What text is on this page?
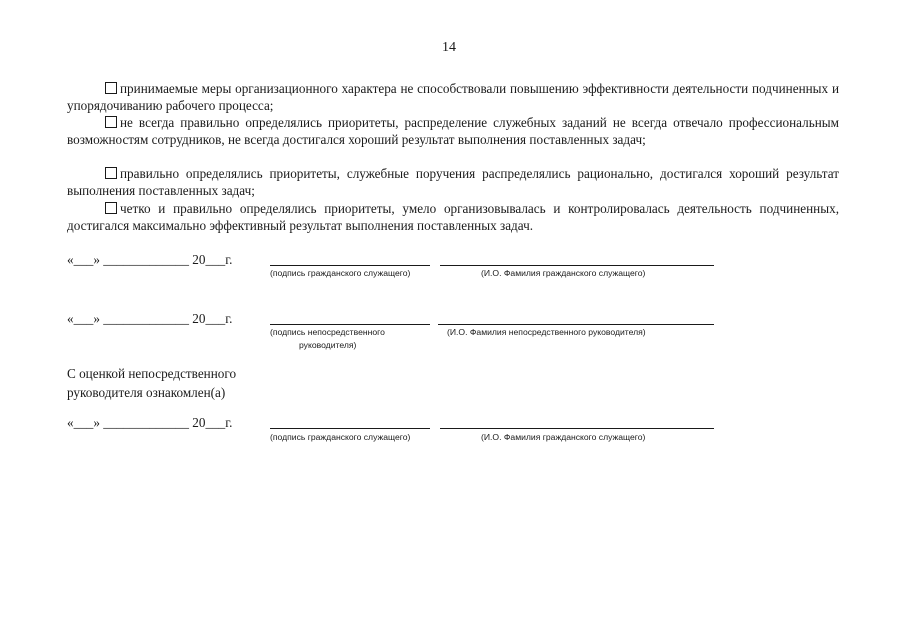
14
принимаемые меры организационного характера не способствовали повышению эффективности деятельности подчиненных и упорядочиванию рабочего процесса;
не всегда правильно определялись приоритеты, распределение служебных заданий не всегда отвечало профессиональным возможностям сотрудников, не всегда достигался хороший результат выполнения поставленных задач;
правильно определялись приоритеты, служебные поручения распределялись рационально, достигался хороший результат выполнения поставленных задач;
четко и правильно определялись приоритеты, умело организовывалась и контролировалась деятельность подчиненных, достигался максимально эффективный результат выполнения поставленных задач.
«___» _____________ 20___г.
(подпись гражданского служащего)	(И.О. Фамилия гражданского служащего)
«___» _____________ 20___г.
(подпись непосредственного
руководителя)
(И.О. Фамилия непосредственного руководителя)
С оценкой непосредственного
руководителя ознакомлен(а)
«___» _____________ 20___г.
(подпись гражданского служащего)	(И.О. Фамилия гражданского служащего)
